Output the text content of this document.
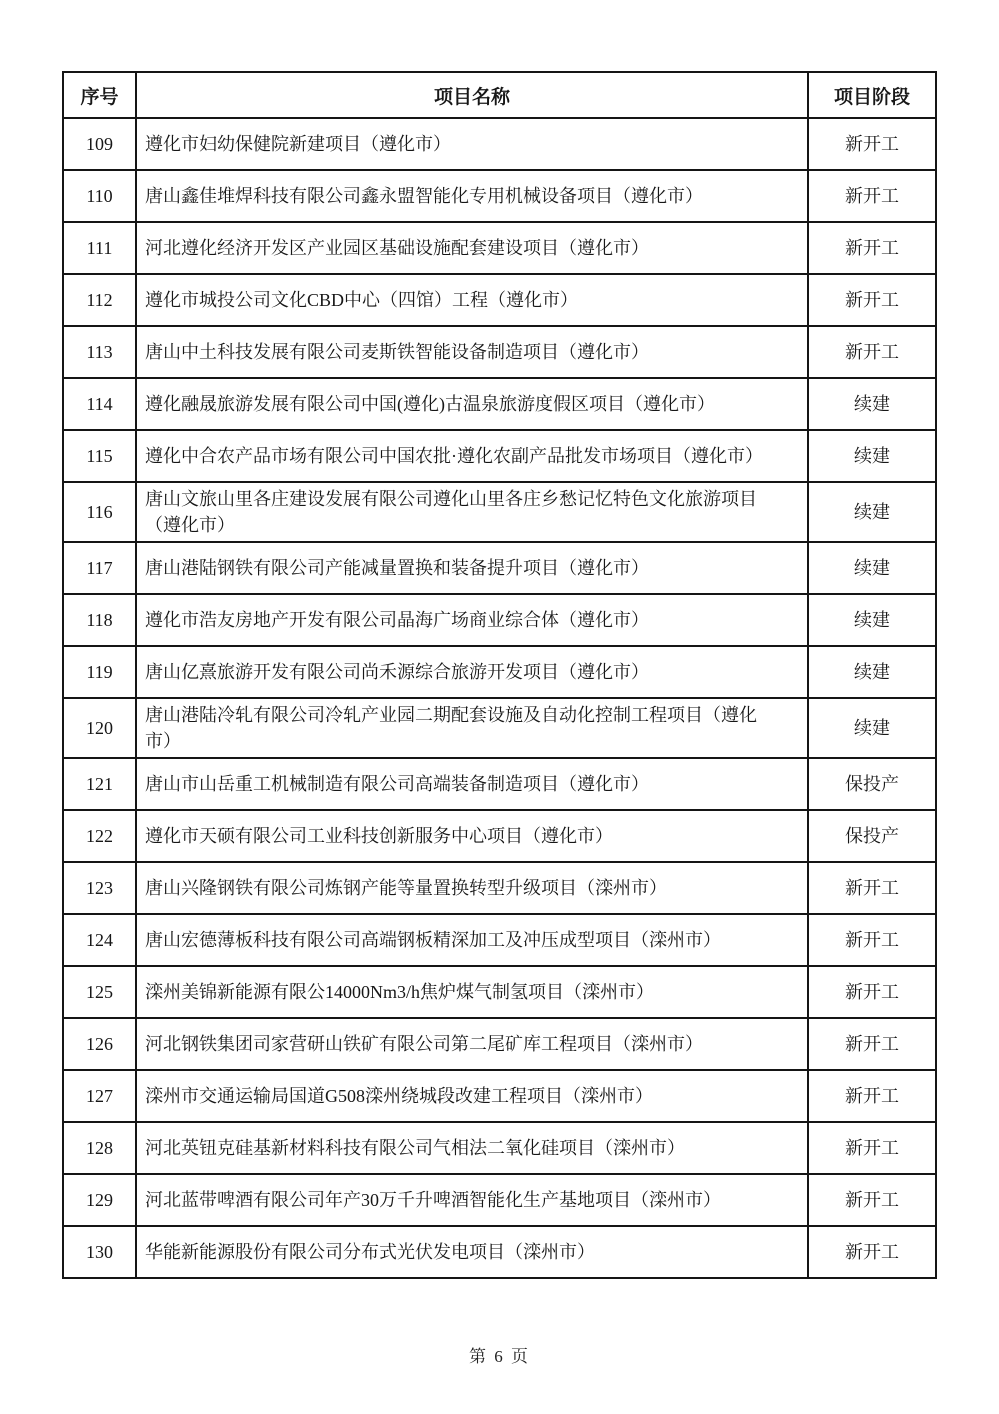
序号	项目名称	项目阶段
109	遵化市妇幼保健院新建项目（遵化市）	新开工
110	唐山鑫佳堆焊科技有限公司鑫永盟智能化专用机械设备项目（遵化市）	新开工
111	河北遵化经济开发区产业园区基础设施配套建设项目（遵化市）	新开工
112	遵化市城投公司文化CBD中心（四馆）工程（遵化市）	新开工
113	唐山中土科技发展有限公司麦斯铁智能设备制造项目（遵化市）	新开工
114	遵化融晟旅游发展有限公司中国(遵化)古温泉旅游度假区项目（遵化市）	续建
115	遵化中合农产品市场有限公司中国农批·遵化农副产品批发市场项目（遵化市）	续建
116	唐山文旅山里各庄建设发展有限公司遵化山里各庄乡愁记忆特色文化旅游项目（遵化市）	续建
117	唐山港陆钢铁有限公司产能减量置换和装备提升项目（遵化市）	续建
118	遵化市浩友房地产开发有限公司晶海广场商业综合体（遵化市）	续建
119	唐山亿熹旅游开发有限公司尚禾源综合旅游开发项目（遵化市）	续建
120	唐山港陆冷轧有限公司冷轧产业园二期配套设施及自动化控制工程项目（遵化市）	续建
121	唐山市山岳重工机械制造有限公司高端装备制造项目（遵化市）	保投产
122	遵化市天硕有限公司工业科技创新服务中心项目（遵化市）	保投产
123	唐山兴隆钢铁有限公司炼钢产能等量置换转型升级项目（滦州市）	新开工
124	唐山宏德薄板科技有限公司高端钢板精深加工及冲压成型项目（滦州市）	新开工
125	滦州美锦新能源有限公14000Nm3/h焦炉煤气制氢项目（滦州市）	新开工
126	河北钢铁集团司家营研山铁矿有限公司第二尾矿库工程项目（滦州市）	新开工
127	滦州市交通运输局国道G508滦州绕城段改建工程项目（滦州市）	新开工
128	河北英钮克硅基新材料科技有限公司气相法二氧化硅项目（滦州市）	新开工
129	河北蓝带啤酒有限公司年产30万千升啤酒智能化生产基地项目（滦州市）	新开工
130	华能新能源股份有限公司分布式光伏发电项目（滦州市）	新开工
第 6 页
